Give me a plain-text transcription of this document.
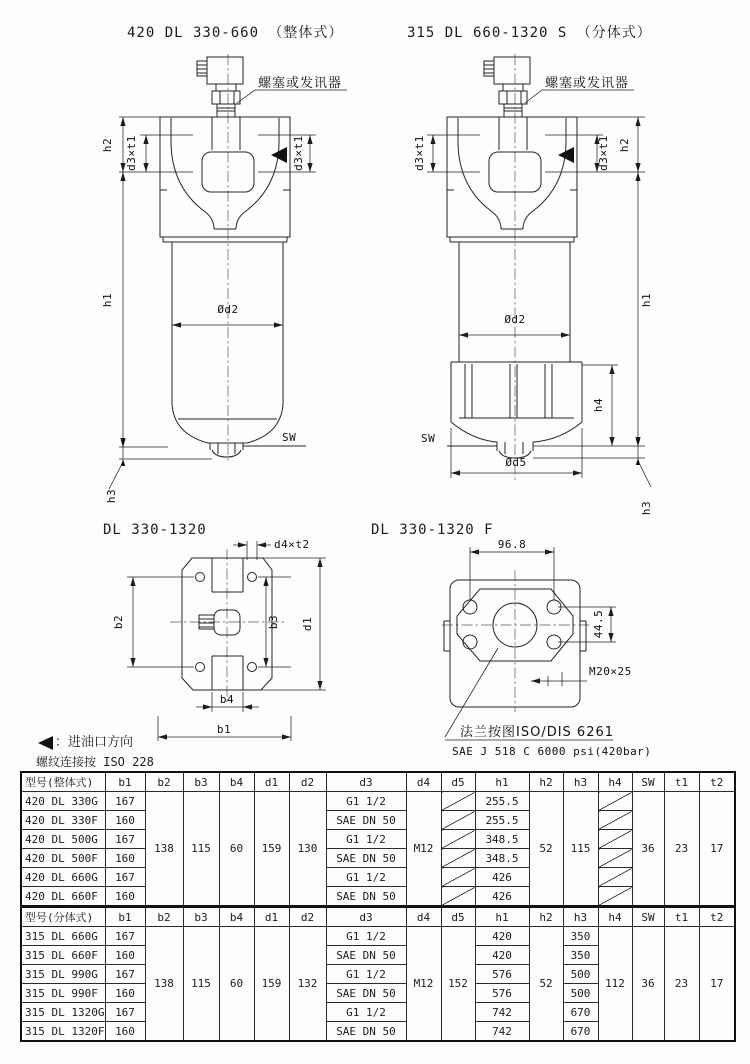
420 DL 330-660 （整体式）	315 DL 660-1320 S （分体式）
DL 330-1320	DL 330-1320 F
h2
h1
h3
d3×t1	d3×t1
Ød2
SW
螺塞或发讯器
h2
h1
h3
h4
d3×t1	d3×t1
Ød2
Ød5
SW
螺塞或发讯器
d4×t2
b2	b3 d1
b4
b1
96.8
44.5
M20×25
法兰按图ISO/DIS 6261
SAE J 518 C 6000 psi(420bar)
：进油口方向
螺纹连接按 ISO 228
型号(整体式)	b1	b2	b3	b4	d1	d2	d3	d4	d5	h1	h2	h3	h4	SW	t1	t2
420 DL 330G	167	138	115	60	159	130	G1 1/2	M12		255.5	52	115		36	23	17
420 DL 330F	160						SAE DN 50			255.5						
420 DL 500G	167						G1 1/2			348.5						
420 DL 500F	160						SAE DN 50			348.5						
420 DL 660G	167						G1 1/2			426						
420 DL 660F	160						SAE DN 50			426						
型号(分体式)	b1	b2	b3	b4	d1	d2	d3	d4	d5	h1	h2	h3	h4	SW	t1	t2
315 DL 660G	167	138	115	60	159	132	G1 1/2	M12	152	420	52	350	112	36	23	17
315 DL 660F	160						SAE DN 50			420		350				
315 DL 990G	167						G1 1/2			576		500				
315 DL 990F	160						SAE DN 50			576		500				
315 DL 1320G	167						G1 1/2			742		670				
315 DL 1320F	160						SAE DN 50			742		670				
